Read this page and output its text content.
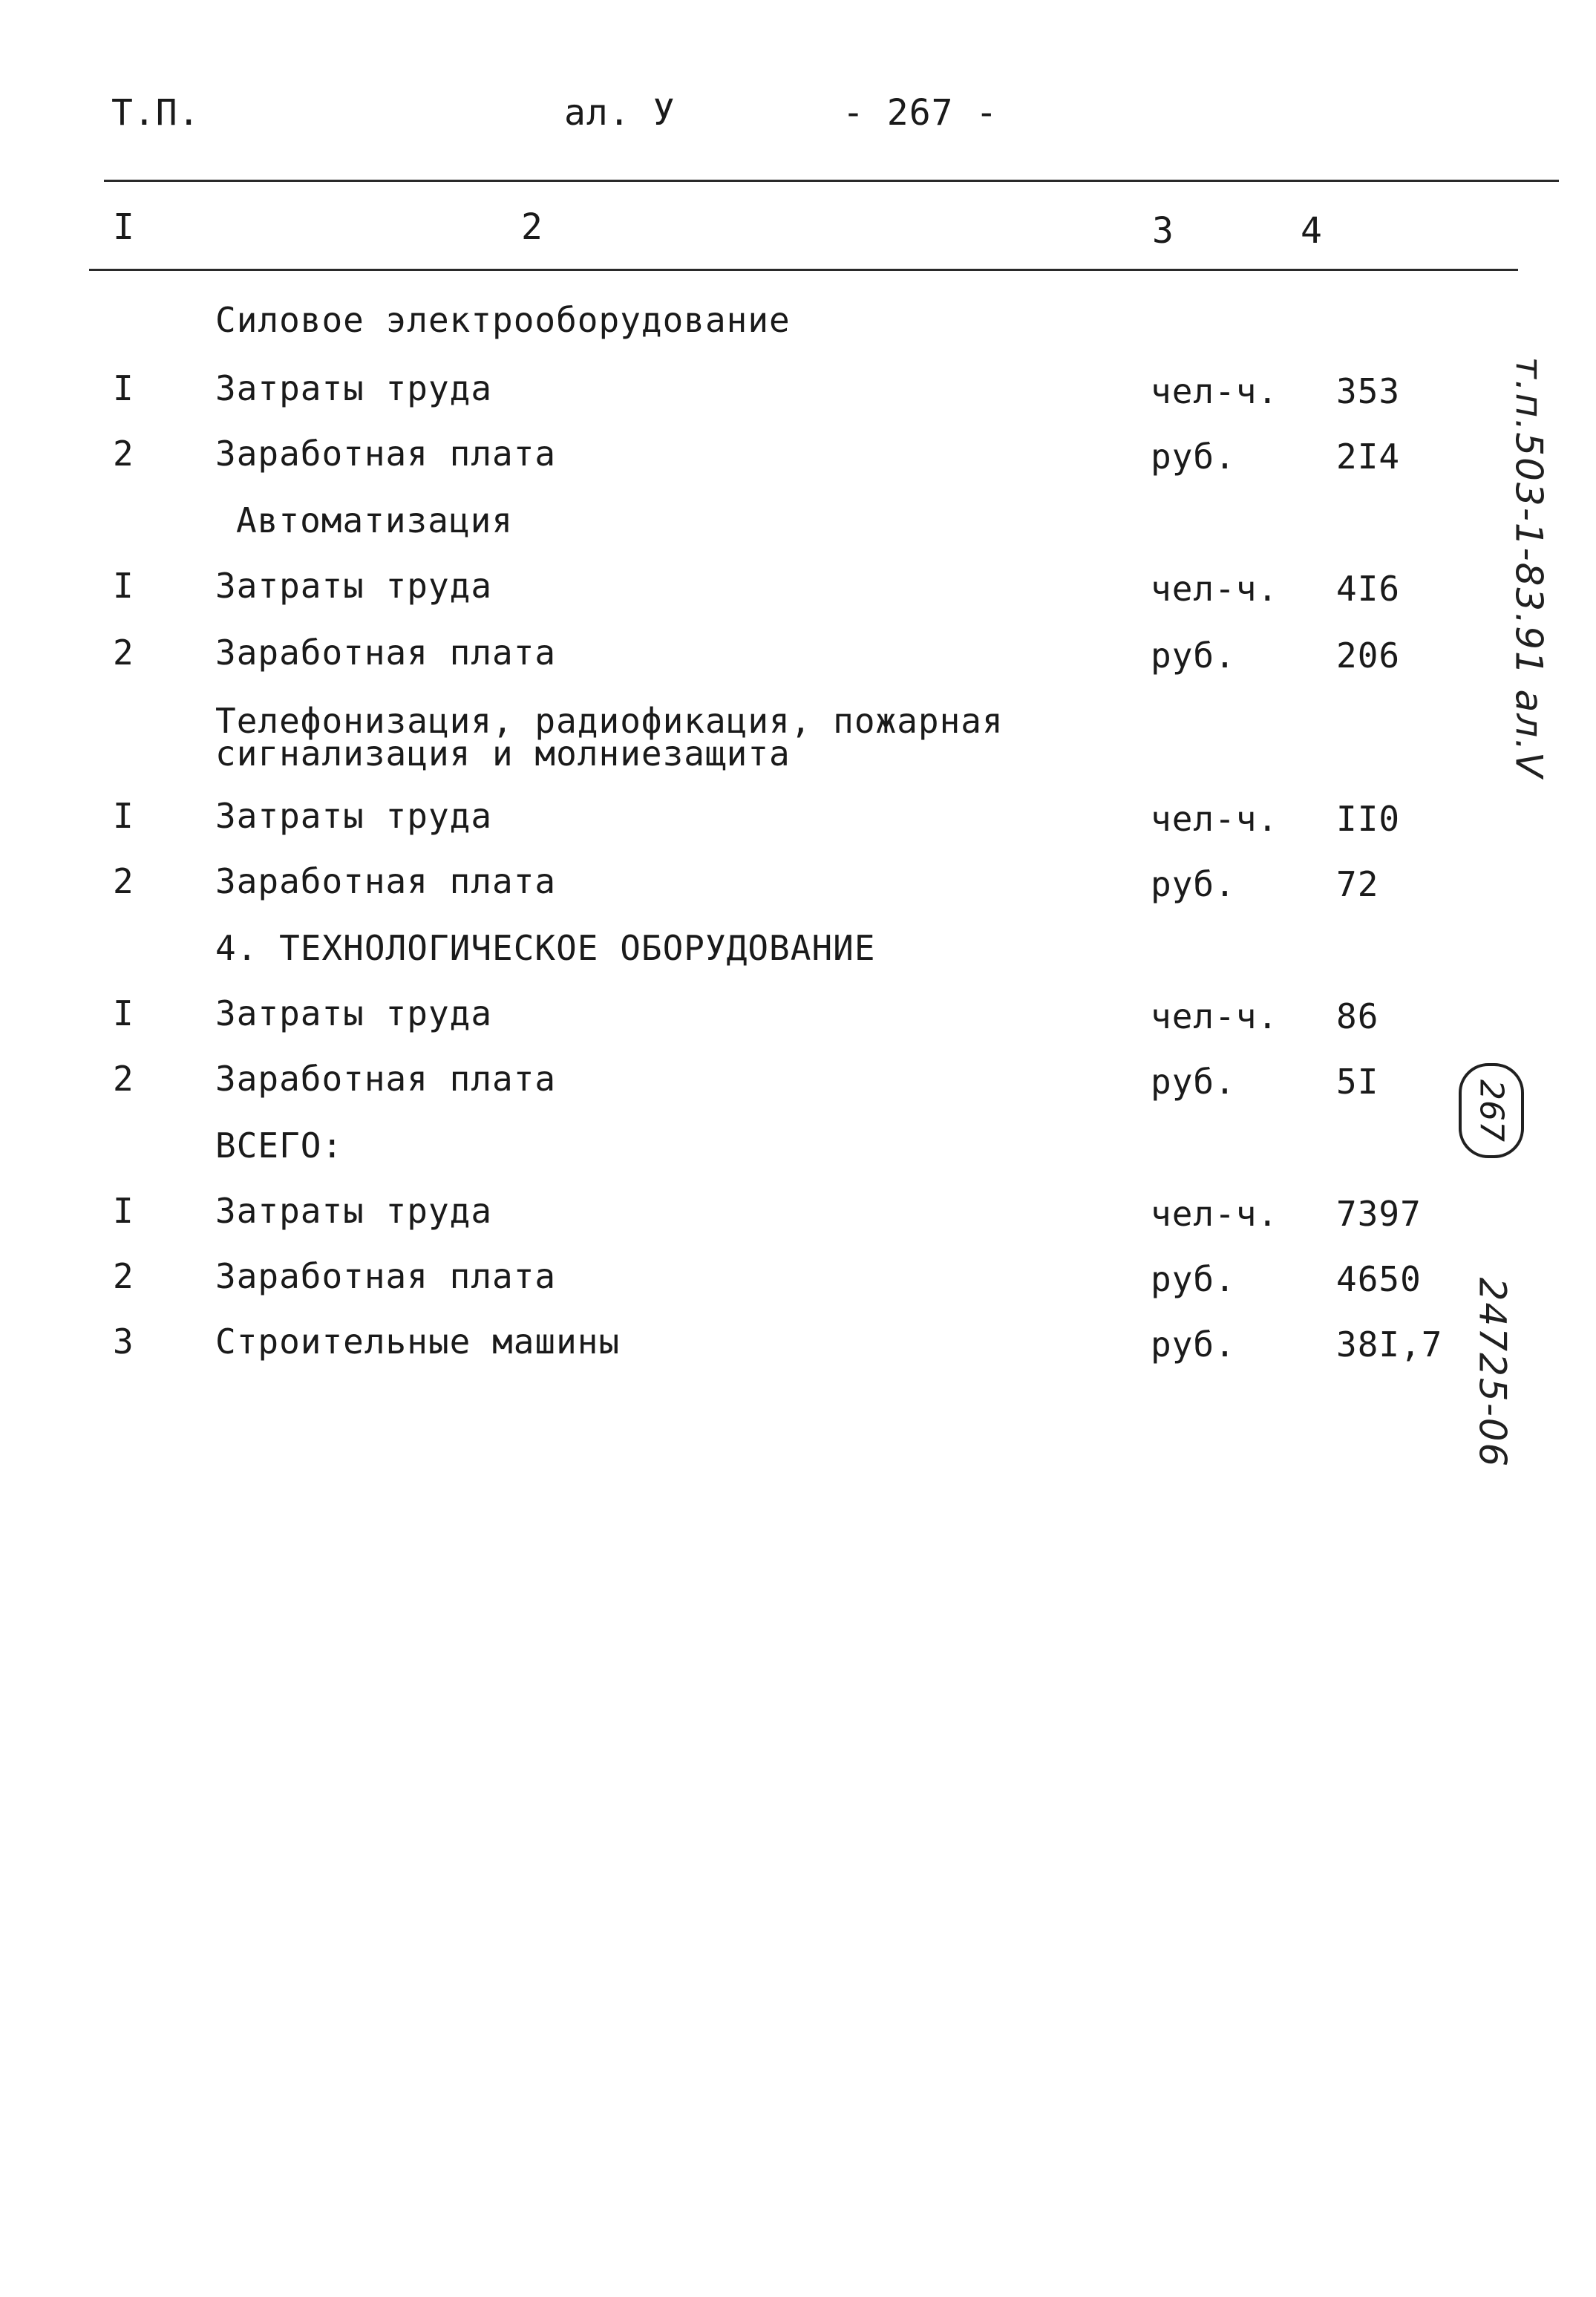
Т.П.	ал. У	- 267 -
I	2	3	4
Силовое электрооборудование
I Затраты труда	чел-ч. 353
2 Заработная плата	руб.	2I4
Автоматизация
I Затраты труда	чел-ч. 4I6
2 Заработная плата	руб.	206
Телефонизация, радиофикация, пожарная
сигнализация и молниезащита
I Затраты труда	чел-ч. II0
2 Заработная плата	руб.	72
4. ТЕХНОЛОГИЧЕСКОЕ ОБОРУДОВАНИЕ
I Затраты труда	чел-ч. 86
2 Заработная плата	руб.	5I
ВСЕГО:
I Затраты труда	чел-ч. 7397
2 Заработная плата	руб.	4650
3 Строительные машины	руб.	38I,7
т.п.503-1-83.91 ал.V
267
24725-06
